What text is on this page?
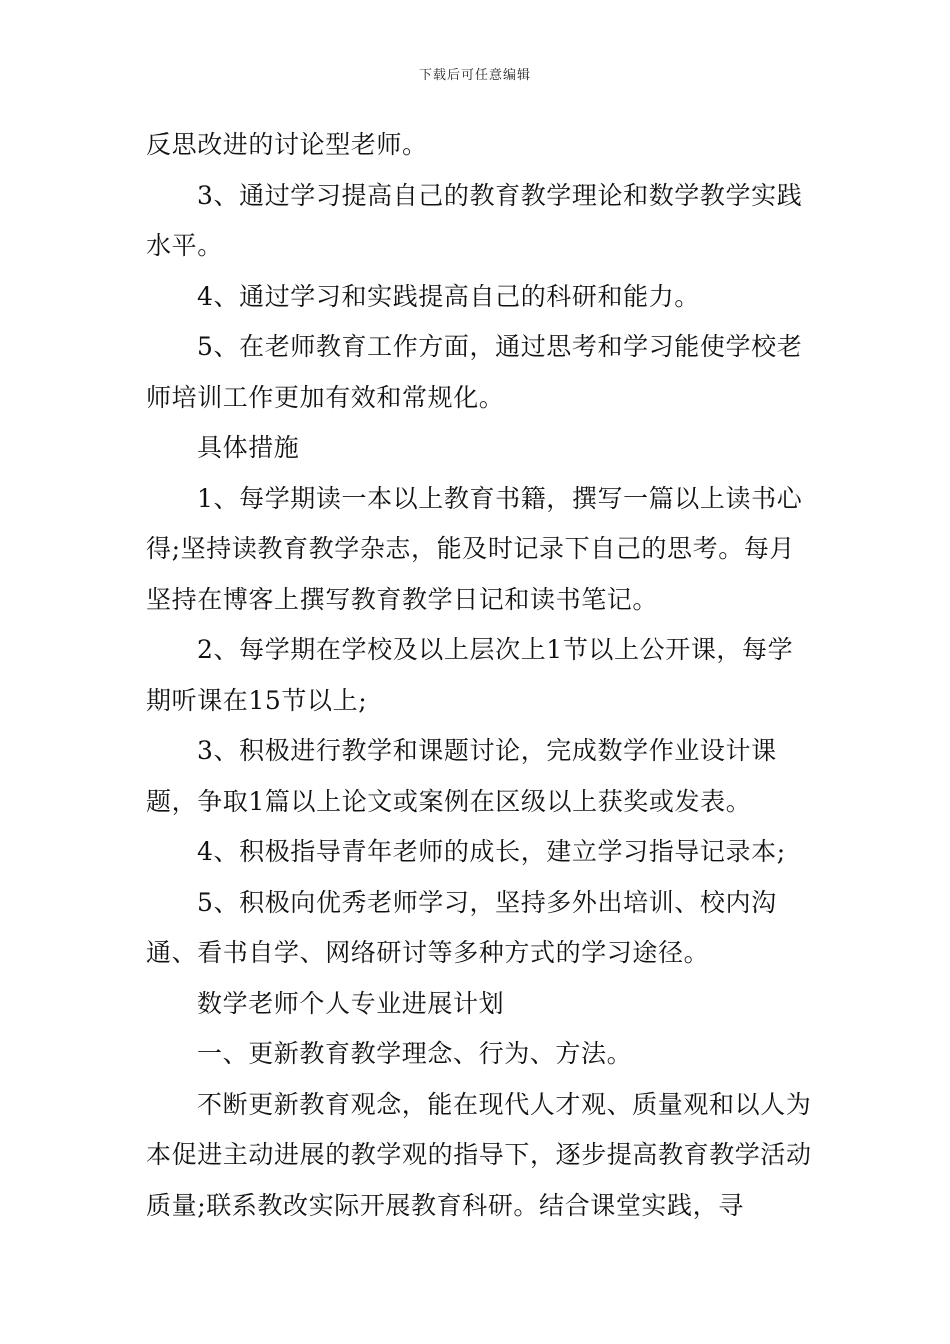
下载后可任意编辑

反思改进的讨论型老师。

3、通过学习提高自己的教育教学理论和数学教学实践水平。

4、通过学习和实践提高自己的科研和能力。

5、在老师教育工作方面，通过思考和学习能使学校老师培训工作更加有效和常规化。

具体措施

1、每学期读一本以上教育书籍，撰写一篇以上读书心得;坚持读教育教学杂志，能及时记录下自己的思考。每月坚持在博客上撰写教育教学日记和读书笔记。

2、每学期在学校及以上层次上1节以上公开课，每学期听课在15节以上;

3、积极进行教学和课题讨论，完成数学作业设计课题，争取1篇以上论文或案例在区级以上获奖或发表。

4、积极指导青年老师的成长，建立学习指导记录本;

5、积极向优秀老师学习，坚持多外出培训、校内沟通、看书自学、网络研讨等多种方式的学习途径。

数学老师个人专业进展计划

一、更新教育教学理念、行为、方法。

不断更新教育观念，能在现代人才观、质量观和以人为本促进主动进展的教学观的指导下，逐步提高教育教学活动质量;联系教改实际开展教育科研。结合课堂实践，寻
